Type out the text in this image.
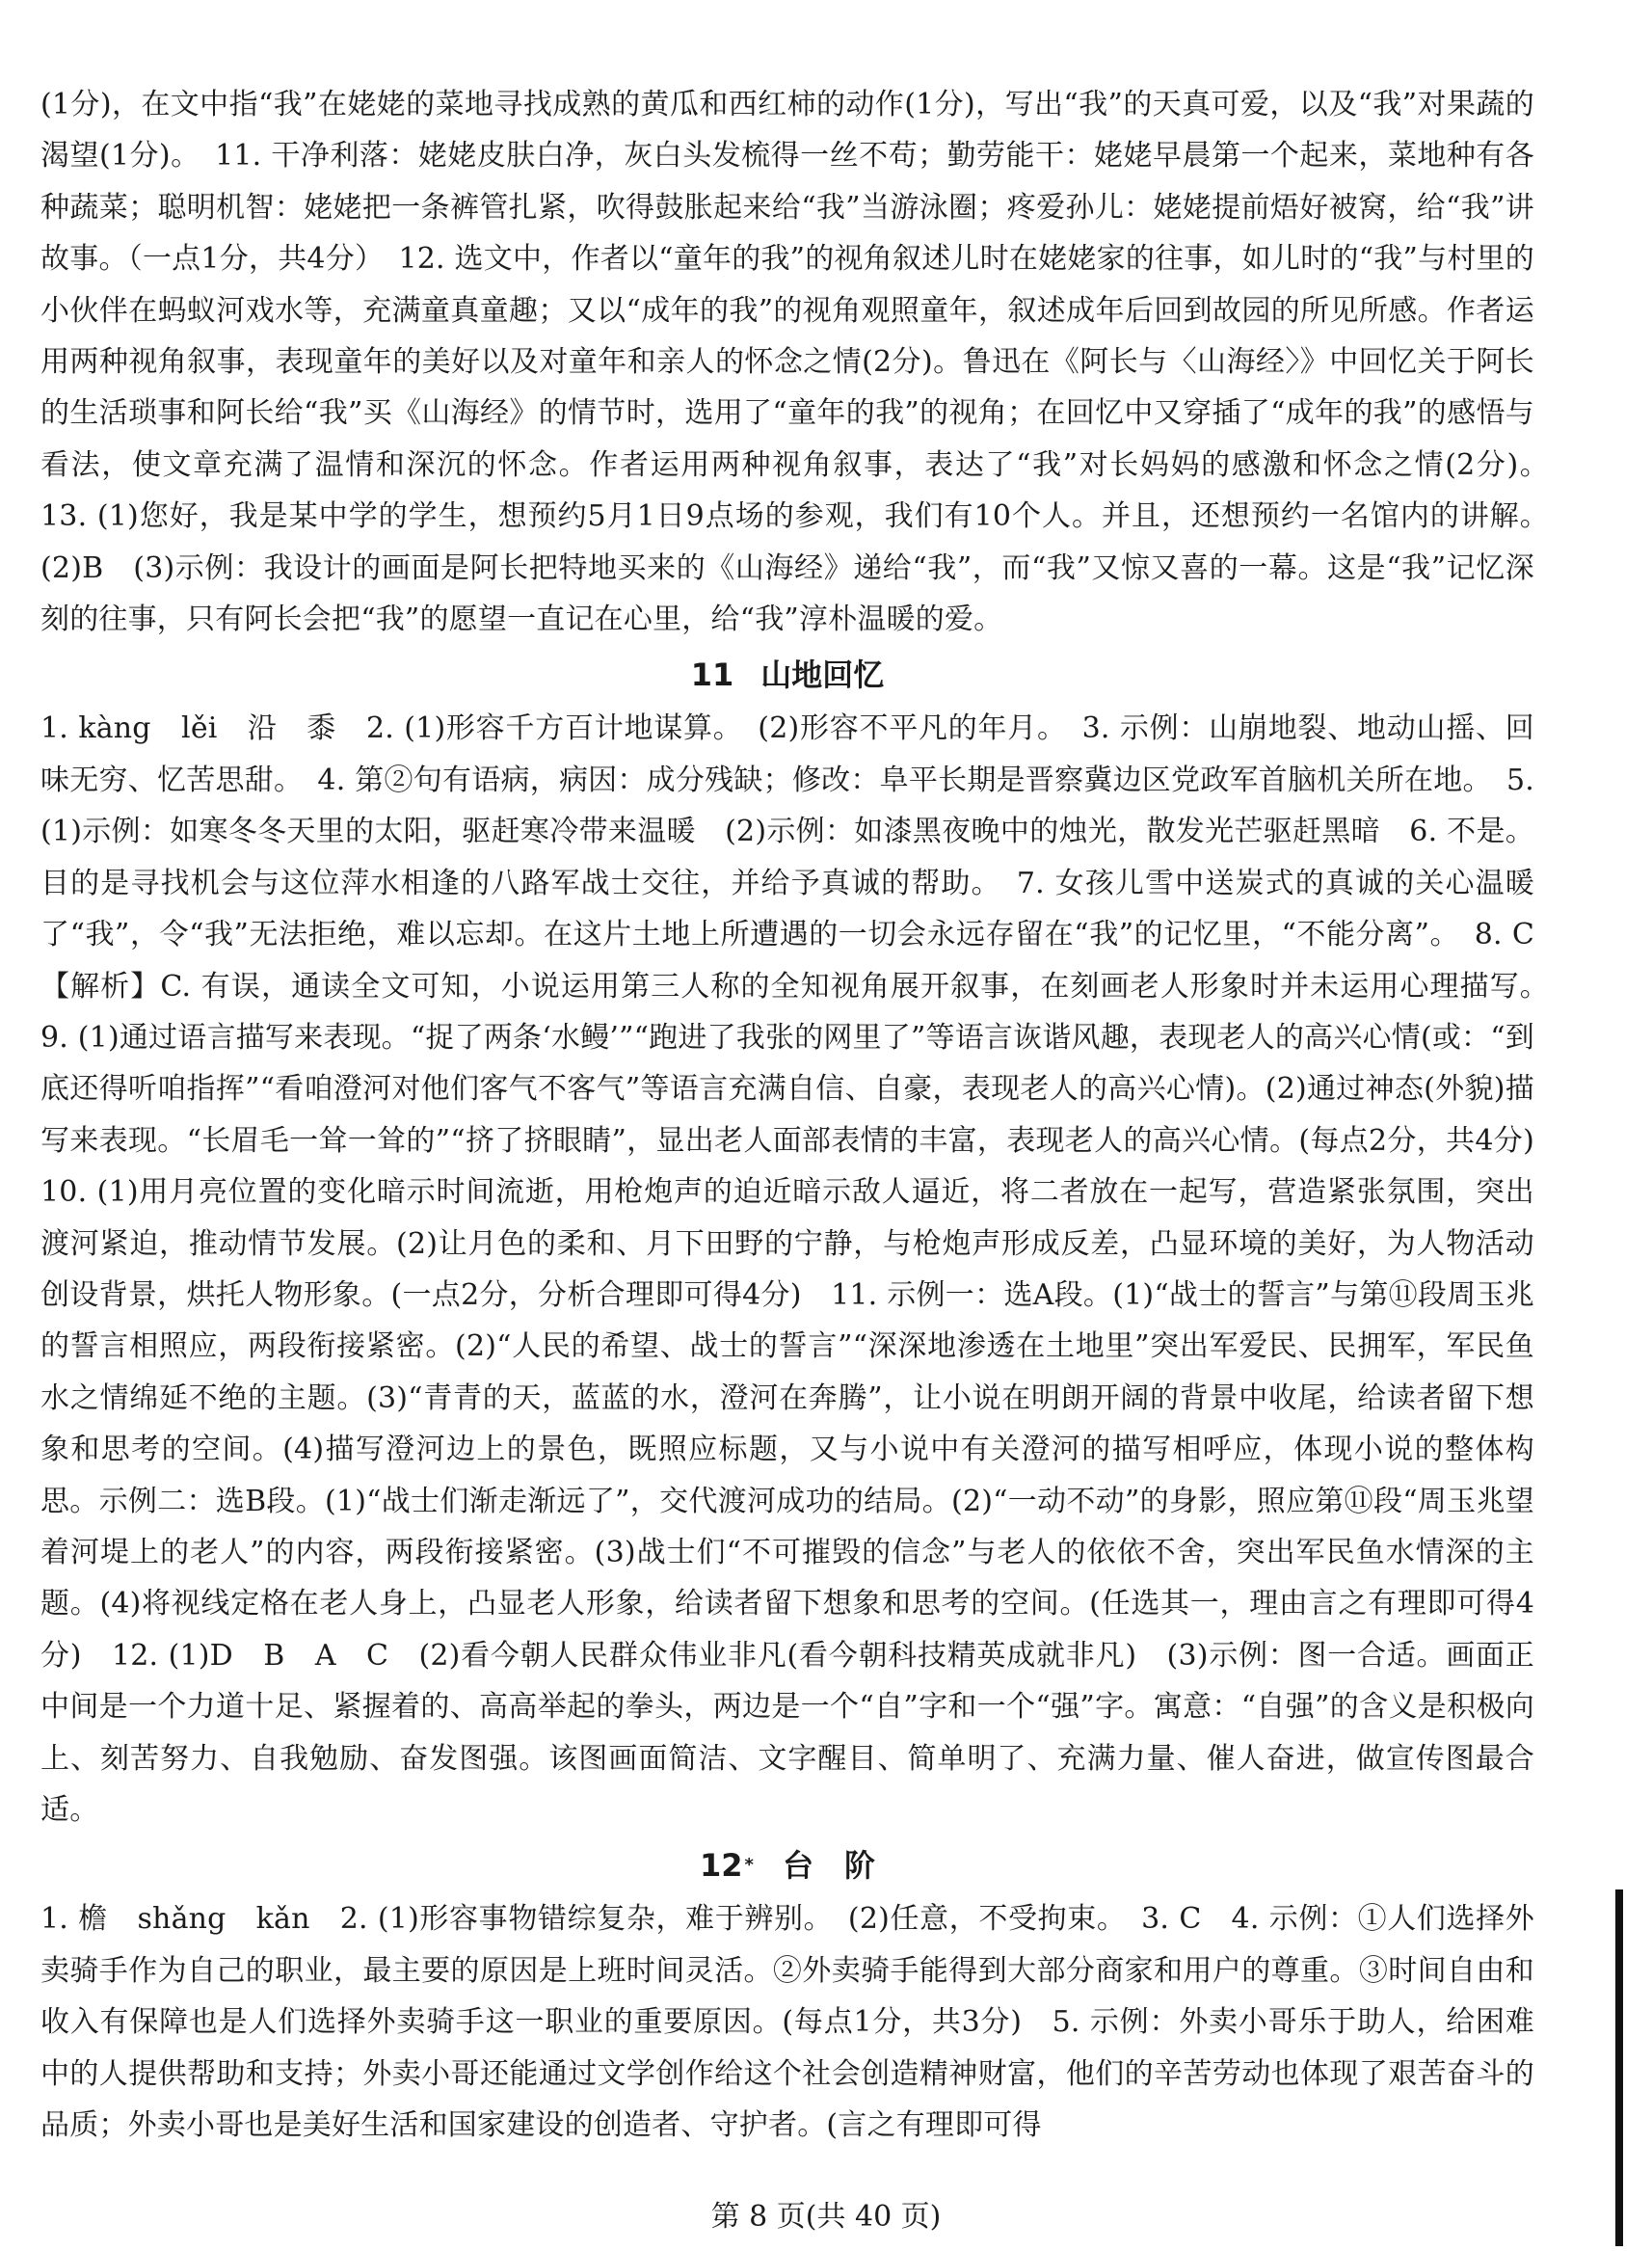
(1分)，在文中指“我”在姥姥的菜地寻找成熟的黄瓜和西红柿的动作(1分)，写出“我”的天真可爱，以及“我”对果蔬的渴望(1分)。　11. 干净利落：姥姥皮肤白净，灰白头发梳得一丝不苟；勤劳能干：姥姥早晨第一个起来，菜地种有各种蔬菜；聪明机智：姥姥把一条裤管扎紧，吹得鼓胀起来给“我”当游泳圈；疼爱孙儿：姥姥提前焐好被窝，给“我”讲故事。（一点1分，共4分）　12. 选文中，作者以“童年的我”的视角叙述儿时在姥姥家的往事，如儿时的“我”与村里的小伙伴在蚂蚁河戏水等，充满童真童趣；又以“成年的我”的视角观照童年，叙述成年后回到故园的所见所感。作者运用两种视角叙事，表现童年的美好以及对童年和亲人的怀念之情(2分)。鲁迅在《阿长与〈山海经〉》中回忆关于阿长的生活琐事和阿长给“我”买《山海经》的情节时，选用了“童年的我”的视角；在回忆中又穿插了“成年的我”的感悟与看法，使文章充满了温情和深沉的怀念。作者运用两种视角叙事，表达了“我”对长妈妈的感激和怀念之情(2分)。　13. (1)您好，我是某中学的学生，想预约5月1日9点场的参观，我们有10个人。并且，还想预约一名馆内的讲解。　(2)B　(3)示例：我设计的画面是阿长把特地买来的《山海经》递给“我”，而“我”又惊又喜的一幕。这是“我”记忆深刻的往事，只有阿长会把“我”的愿望一直记在心里，给“我”淳朴温暖的爱。

11 山地回忆

1. kàng　lěi　沿　黍　2. (1)形容千方百计地谋算。　(2)形容不平凡的年月。　3. 示例：山崩地裂、地动山摇、回味无穷、忆苦思甜。　4. 第②句有语病，病因：成分残缺；修改：阜平长期是晋察冀边区党政军首脑机关所在地。　5. (1)示例：如寒冬冬天里的太阳，驱赶寒冷带来温暖　(2)示例：如漆黑夜晚中的烛光，散发光芒驱赶黑暗　6. 不是。目的是寻找机会与这位萍水相逢的八路军战士交往，并给予真诚的帮助。　7. 女孩儿雪中送炭式的真诚的关心温暖了“我”，令“我”无法拒绝，难以忘却。在这片土地上所遭遇的一切会永远存留在“我”的记忆里，“不能分离”。　8. C　【解析】C. 有误，通读全文可知，小说运用第三人称的全知视角展开叙事，在刻画老人形象时并未运用心理描写。　9. (1)通过语言描写来表现。“捉了两条‘水鳗’”“跑进了我张的网里了”等语言诙谐风趣，表现老人的高兴心情(或：“到底还得听咱指挥”“看咱澄河对他们客气不客气”等语言充满自信、自豪，表现老人的高兴心情)。(2)通过神态(外貌)描写来表现。“长眉毛一耸一耸的”“挤了挤眼睛”，显出老人面部表情的丰富，表现老人的高兴心情。(每点2分，共4分)　10. (1)用月亮位置的变化暗示时间流逝，用枪炮声的迫近暗示敌人逼近，将二者放在一起写，营造紧张氛围，突出渡河紧迫，推动情节发展。(2)让月色的柔和、月下田野的宁静，与枪炮声形成反差，凸显环境的美好，为人物活动创设背景，烘托人物形象。(一点2分，分析合理即可得4分)　11. 示例一：选A段。(1)“战士的誓言”与第⑪段周玉兆的誓言相照应，两段衔接紧密。(2)“人民的希望、战士的誓言”“深深地渗透在土地里”突出军爱民、民拥军，军民鱼水之情绵延不绝的主题。(3)“青青的天，蓝蓝的水，澄河在奔腾”，让小说在明朗开阔的背景中收尾，给读者留下想象和思考的空间。(4)描写澄河边上的景色，既照应标题，又与小说中有关澄河的描写相呼应，体现小说的整体构思。示例二：选B段。(1)“战士们渐走渐远了”，交代渡河成功的结局。(2)“一动不动”的身影，照应第⑪段“周玉兆望着河堤上的老人”的内容，两段衔接紧密。(3)战士们“不可摧毁的信念”与老人的依依不舍，突出军民鱼水情深的主题。(4)将视线定格在老人身上，凸显老人形象，给读者留下想象和思考的空间。(任选其一，理由言之有理即可得4分)　12. (1)D　B　A　C　(2)看今朝人民群众伟业非凡(看今朝科技精英成就非凡)　(3)示例：图一合适。画面正中间是一个力道十足、紧握着的、高高举起的拳头，两边是一个“自”字和一个“强”字。寓意：“自强”的含义是积极向上、刻苦努力、自我勉励、奋发图强。该图画面简洁、文字醒目、简单明了、充满力量、催人奋进，做宣传图最合适。

12 * 台　阶

1. 檐　shǎng　kǎn　2. (1)形容事物错综复杂，难于辨别。　(2)任意，不受拘束。　3. C　4. 示例：①人们选择外卖骑手作为自己的职业，最主要的原因是上班时间灵活。②外卖骑手能得到大部分商家和用户的尊重。③时间自由和收入有保障也是人们选择外卖骑手这一职业的重要原因。(每点1分，共3分)　5. 示例：外卖小哥乐于助人，给困难中的人提供帮助和支持；外卖小哥还能通过文学创作给这个社会创造精神财富，他们的辛苦劳动也体现了艰苦奋斗的品质；外卖小哥也是美好生活和国家建设的创造者、守护者。(言之有理即可得

第 8 页(共 40 页)
